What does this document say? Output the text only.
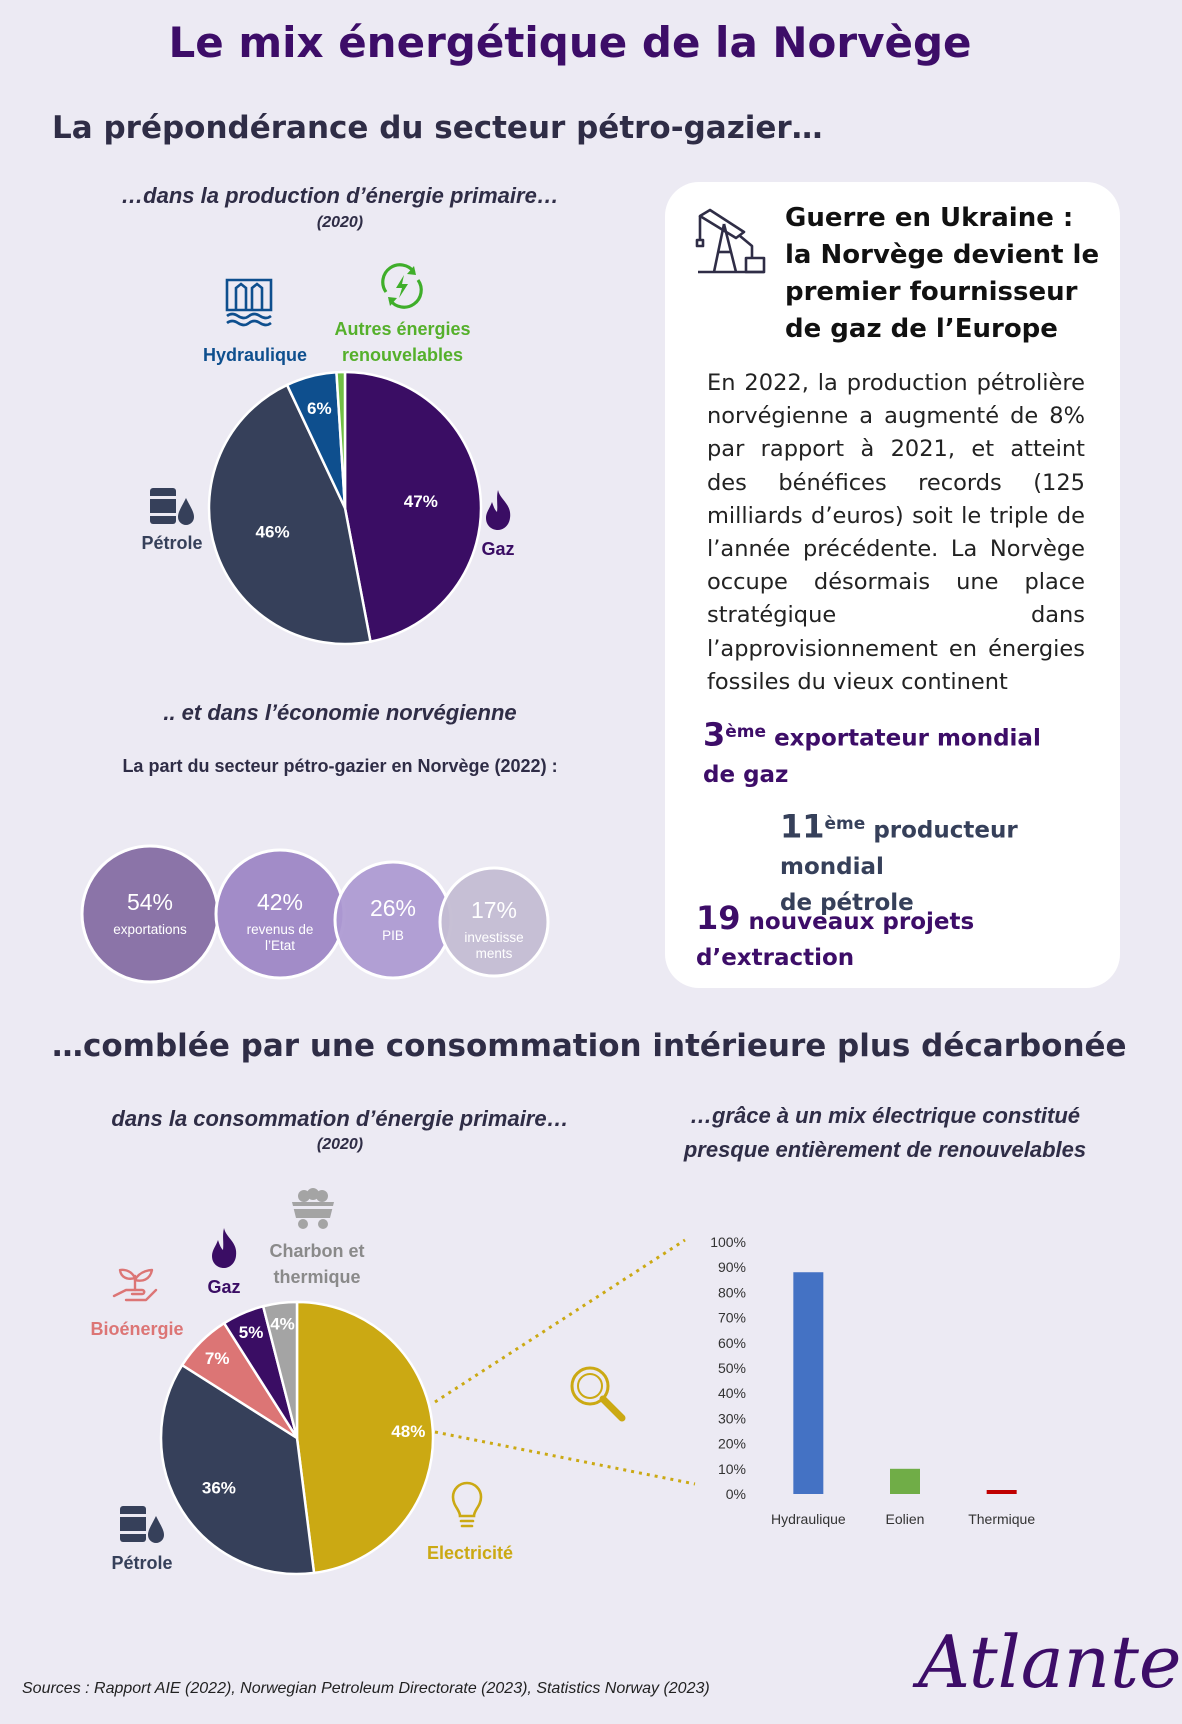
Le mix énergétique de la Norvège
La prépondérance du secteur pétro-gazier…
…dans la production d’énergie primaire…
(2020)
Hydraulique
Autres énergies renouvelables
Pétrole	Gaz
47%
46%
6%
.. et dans l’économie norvégienne
La part du secteur pétro-gazier en Norvège (2022) :
54%
exportations
42%
revenus de
l’Etat
26%
PIB
17%
investisse
ments
Guerre en Ukraine : la Norvège devient le premier fournisseur de gaz de l’Europe
En 2022, la production pétrolière norvégienne a augmenté de 8% par rapport à 2021, et atteint des bénéfices records (125 milliards d’euros) soit le triple de l’année précédente. La Norvège occupe désormais une place stratégique dans l’approvisionnement en énergies fossiles du vieux continent
3ème exportateur mondial
de gaz
11ème producteur mondial
de pétrole
19 nouveaux projets
d’extraction
…comblée par une consommation intérieure plus décarbonée
dans la consommation d’énergie primaire…
(2020)
…grâce à un mix électrique constitué
presque entièrement de renouvelables
Charbon et thermique
Gaz
Bioénergie
Pétrole	Electricité
48%
36%
7%
5% 4%
0%
10%
20%
30%
40%
50%
60%
70%
80%
90%
100%
Hydraulique	Eolien	Thermique
Sources : Rapport AIE (2022), Norwegian Petroleum Directorate (2023), Statistics Norway (2023)	Atlante
